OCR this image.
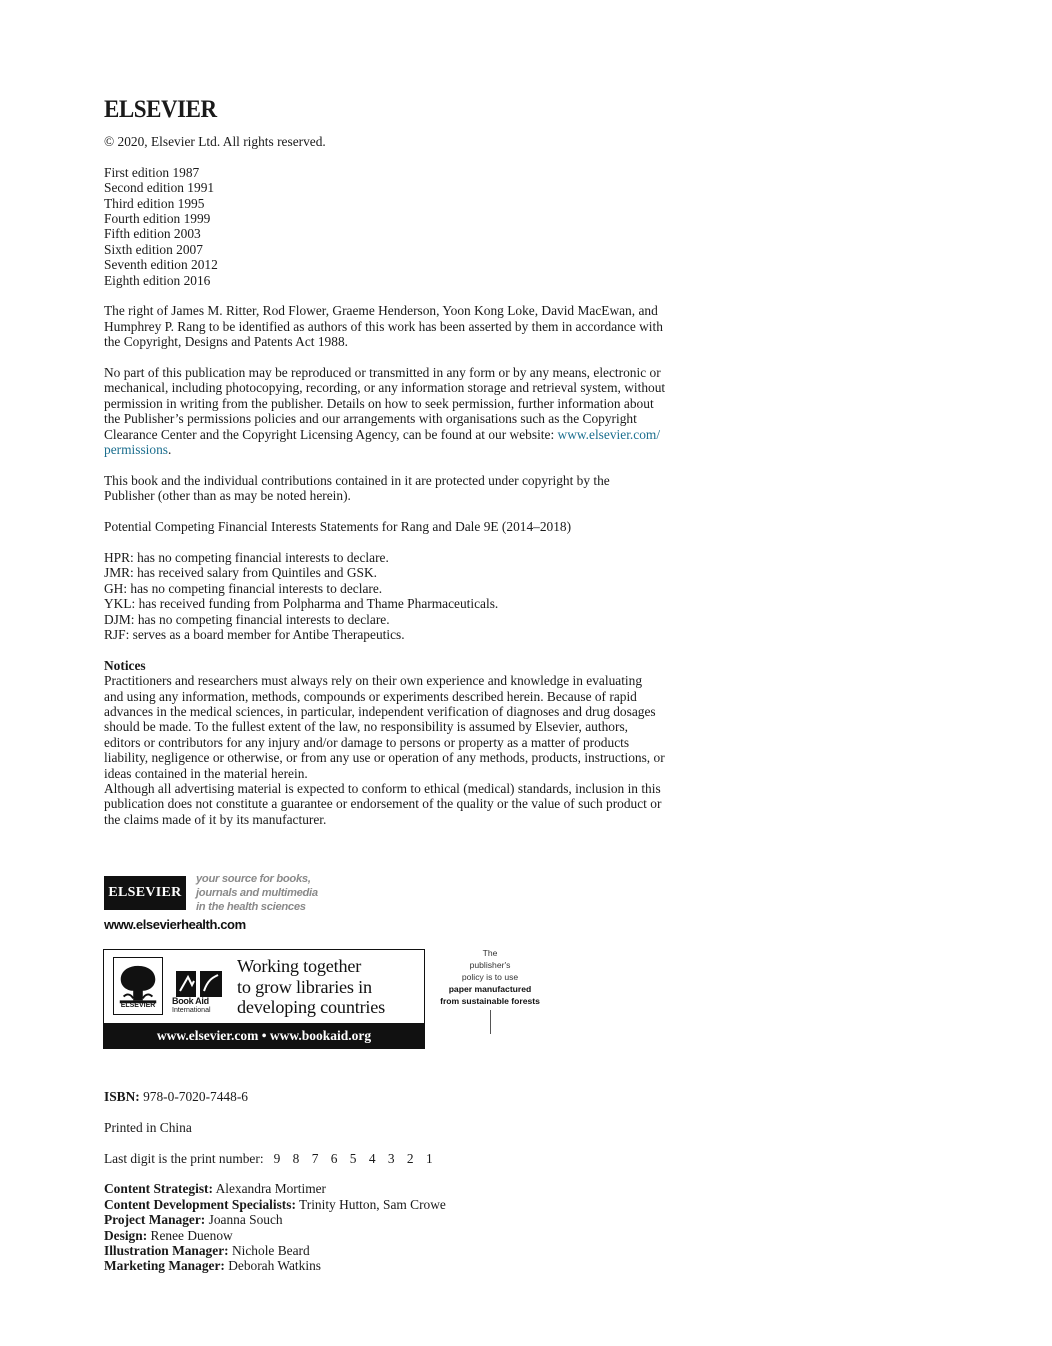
ELSEVIER

© 2020, Elsevier Ltd. All rights reserved.

First edition 1987

Second edition 1991

Third edition 1995

Fourth edition 1999

Fifth edition 2003

Sixth edition 2007

Seventh edition 2012

Eighth edition 2016

The right of James M. Ritter, Rod Flower, Graeme Henderson, Yoon Kong Loke, David MacEwan, and

Humphrey P. Rang to be identified as authors of this work has been asserted by them in accordance with

the Copyright, Designs and Patents Act 1988.

No part of this publication may be reproduced or transmitted in any form or by any means, electronic or

mechanical, including photocopying, recording, or any information storage and retrieval system, without

permission in writing from the publisher. Details on how to seek permission, further information about

the Publisher’s permissions policies and our arrangements with organisations such as the Copyright

Clearance Center and the Copyright Licensing Agency, can be found at our website: www.elsevier.com/

permissions.

This book and the individual contributions contained in it are protected under copyright by the

Publisher (other than as may be noted herein).

Potential Competing Financial Interests Statements for Rang and Dale 9E (2014–2018)

HPR: has no competing financial interests to declare.

JMR: has received salary from Quintiles and GSK.

GH: has no competing financial interests to declare.

YKL: has received funding from Polpharma and Thame Pharmaceuticals.

DJM: has no competing financial interests to declare.

RJF: serves as a board member for Antibe Therapeutics.

Notices

Practitioners and researchers must always rely on their own experience and knowledge in evaluating

and using any information, methods, compounds or experiments described herein. Because of rapid

advances in the medical sciences, in particular, independent verification of diagnoses and drug dosages

should be made. To the fullest extent of the law, no responsibility is assumed by Elsevier, authors,

editors or contributors for any injury and/or damage to persons or property as a matter of products

liability, negligence or otherwise, or from any use or operation of any methods, products, instructions, or

ideas contained in the material herein.

Although all advertising material is expected to conform to ethical (medical) standards, inclusion in this

publication does not constitute a guarantee or endorsement of the quality or the value of such product or

the claims made of it by its manufacturer.

ELSEVIER
your source for books,
journals and multimedia
in the health sciences
www.elsevierhealth.com
ELSEVIER	Book Aid
International
Working together
to grow libraries in
developing countries
www.elsevier.com • www.bookaid.org
The
publisher's
policy is to use
paper manufactured
from sustainable forests

ISBN: 978-0-7020-7448-6

Printed in China

Last digit is the print number: 9 8 7 6 5 4 3 2 1

Content Strategist: Alexandra Mortimer

Content Development Specialists: Trinity Hutton, Sam Crowe

Project Manager: Joanna Souch

Design: Renee Duenow

Illustration Manager: Nichole Beard

Marketing Manager: Deborah Watkins
